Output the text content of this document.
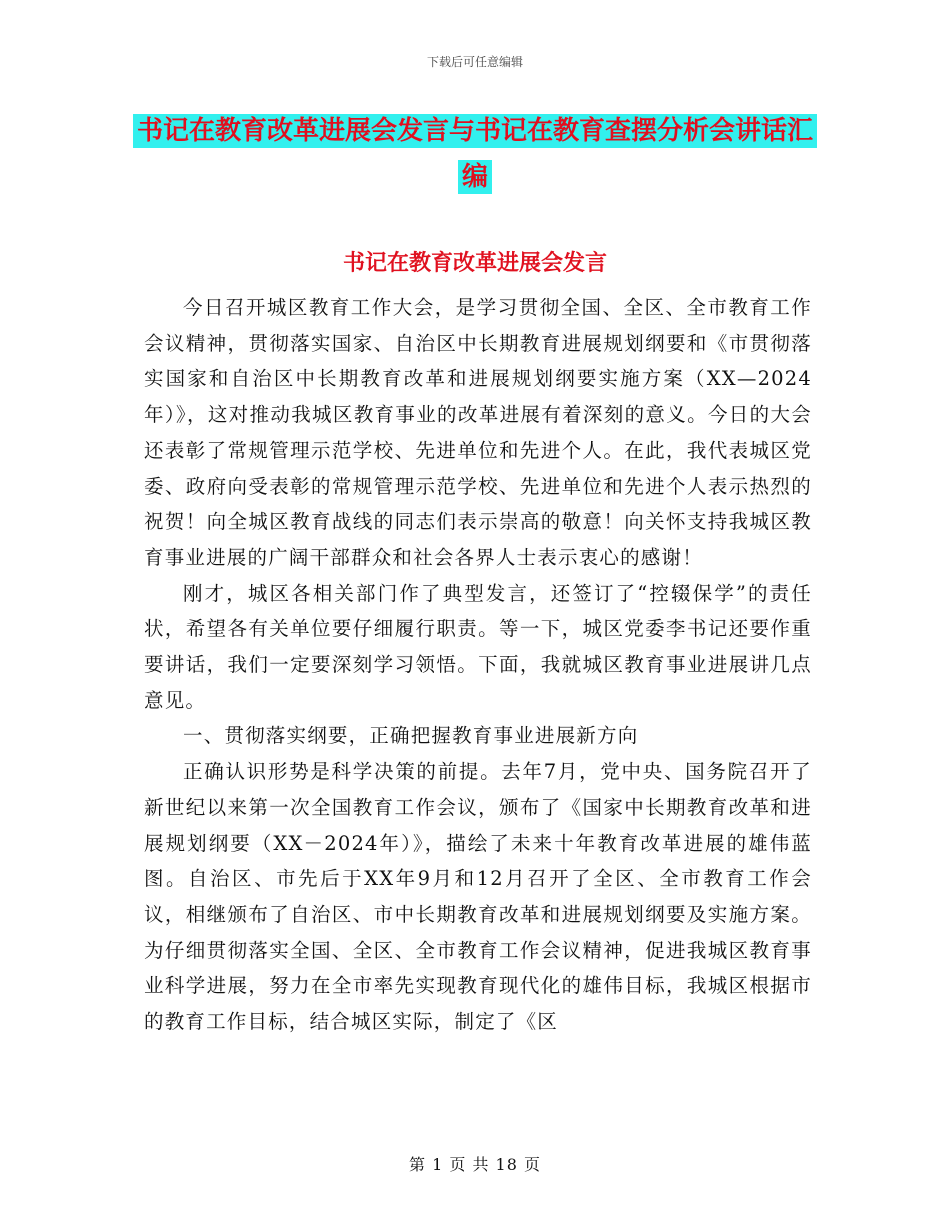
下载后可任意编辑
书记在教育改革进展会发言与书记在教育查摆分析会讲话汇编
书记在教育改革进展会发言

今日召开城区教育工作大会，是学习贯彻全国、全区、全市教育工作会议精神，贯彻落实国家、自治区中长期教育进展规划纲要和《市贯彻落实国家和自治区中长期教育改革和进展规划纲要实施方案（XX—2024年）》，这对推动我城区教育事业的改革进展有着深刻的意义。今日的大会还表彰了常规管理示范学校、先进单位和先进个人。在此，我代表城区党委、政府向受表彰的常规管理示范学校、先进单位和先进个人表示热烈的祝贺！向全城区教育战线的同志们表示崇高的敬意！向关怀支持我城区教育事业进展的广阔干部群众和社会各界人士表示衷心的感谢！

刚才，城区各相关部门作了典型发言，还签订了“控辍保学”的责任状，希望各有关单位要仔细履行职责。等一下，城区党委李书记还要作重要讲话，我们一定要深刻学习领悟。下面，我就城区教育事业进展讲几点意见。

一、贯彻落实纲要，正确把握教育事业进展新方向

正确认识形势是科学决策的前提。去年7月，党中央、国务院召开了新世纪以来第一次全国教育工作会议，颁布了《国家中长期教育改革和进展规划纲要（XX－2024年）》，描绘了未来十年教育改革进展的雄伟蓝图。自治区、市先后于XX年9月和12月召开了全区、全市教育工作会议，相继颁布了自治区、市中长期教育改革和进展规划纲要及实施方案。为仔细贯彻落实全国、全区、全市教育工作会议精神，促进我城区教育事业科学进展，努力在全市率先实现教育现代化的雄伟目标，我城区根据市的教育工作目标，结合城区实际，制定了《区

第 1 页 共 18 页
